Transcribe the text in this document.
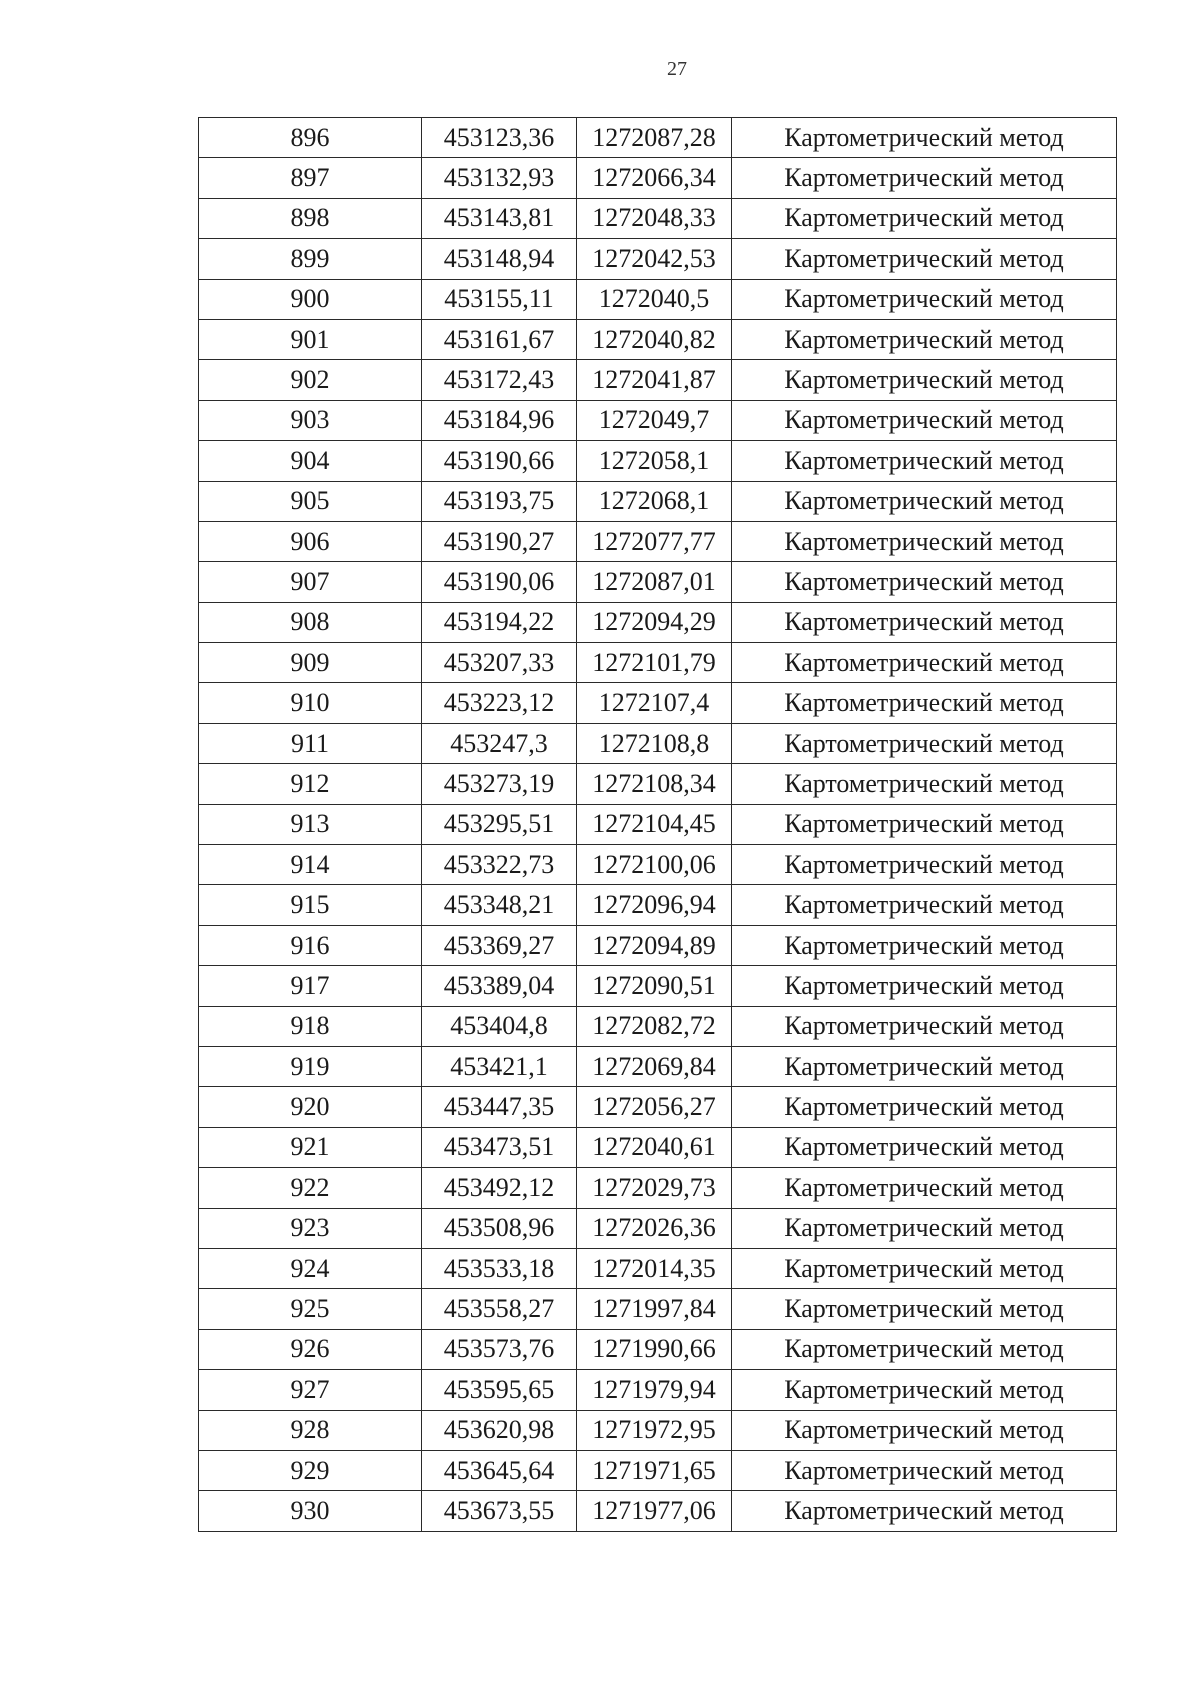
27
896	453123,36	1272087,28	Картометрический метод
897	453132,93	1272066,34	Картометрический метод
898	453143,81	1272048,33	Картометрический метод
899	453148,94	1272042,53	Картометрический метод
900	453155,11	1272040,5	Картометрический метод
901	453161,67	1272040,82	Картометрический метод
902	453172,43	1272041,87	Картометрический метод
903	453184,96	1272049,7	Картометрический метод
904	453190,66	1272058,1	Картометрический метод
905	453193,75	1272068,1	Картометрический метод
906	453190,27	1272077,77	Картометрический метод
907	453190,06	1272087,01	Картометрический метод
908	453194,22	1272094,29	Картометрический метод
909	453207,33	1272101,79	Картометрический метод
910	453223,12	1272107,4	Картометрический метод
911	453247,3	1272108,8	Картометрический метод
912	453273,19	1272108,34	Картометрический метод
913	453295,51	1272104,45	Картометрический метод
914	453322,73	1272100,06	Картометрический метод
915	453348,21	1272096,94	Картометрический метод
916	453369,27	1272094,89	Картометрический метод
917	453389,04	1272090,51	Картометрический метод
918	453404,8	1272082,72	Картометрический метод
919	453421,1	1272069,84	Картометрический метод
920	453447,35	1272056,27	Картометрический метод
921	453473,51	1272040,61	Картометрический метод
922	453492,12	1272029,73	Картометрический метод
923	453508,96	1272026,36	Картометрический метод
924	453533,18	1272014,35	Картометрический метод
925	453558,27	1271997,84	Картометрический метод
926	453573,76	1271990,66	Картометрический метод
927	453595,65	1271979,94	Картометрический метод
928	453620,98	1271972,95	Картометрический метод
929	453645,64	1271971,65	Картометрический метод
930	453673,55	1271977,06	Картометрический метод
